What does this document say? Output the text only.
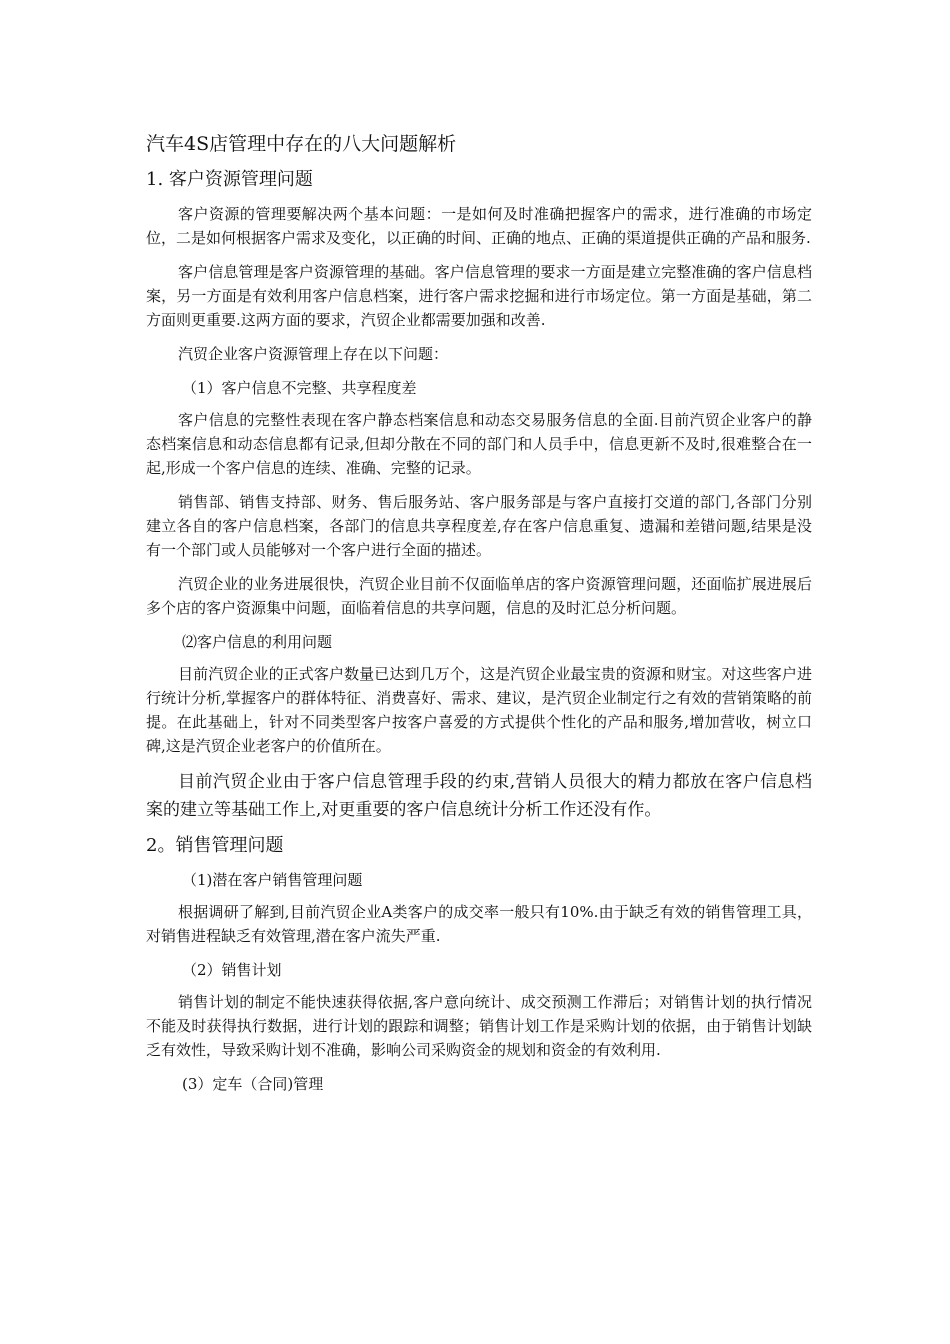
汽车4S店管理中存在的八大问题解析
1. 客户资源管理问题
客户资源的管理要解决两个基本问题：一是如何及时准确把握客户的需求，进行准确的市场定位，二是如何根据客户需求及变化，以正确的时间、正确的地点、正确的渠道提供正确的产品和服务.
客户信息管理是客户资源管理的基础。客户信息管理的要求一方面是建立完整准确的客户信息档案，另一方面是有效利用客户信息档案，进行客户需求挖掘和进行市场定位。第一方面是基础，第二方面则更重要.这两方面的要求，汽贸企业都需要加强和改善.
汽贸企业客户资源管理上存在以下问题：
（1）客户信息不完整、共享程度差
客户信息的完整性表现在客户静态档案信息和动态交易服务信息的全面.目前汽贸企业客户的静态档案信息和动态信息都有记录,但却分散在不同的部门和人员手中，信息更新不及时,很难整合在一起,形成一个客户信息的连续、准确、完整的记录。
销售部、销售支持部、财务、售后服务站、客户服务部是与客户直接打交道的部门,各部门分别建立各自的客户信息档案，各部门的信息共享程度差,存在客户信息重复、遗漏和差错问题,结果是没有一个部门或人员能够对一个客户进行全面的描述。
汽贸企业的业务进展很快，汽贸企业目前不仅面临单店的客户资源管理问题，还面临扩展进展后多个店的客户资源集中问题，面临着信息的共享问题，信息的及时汇总分析问题。
⑵客户信息的利用问题
目前汽贸企业的正式客户数量已达到几万个，这是汽贸企业最宝贵的资源和财宝。对这些客户进行统计分析,掌握客户的群体特征、消费喜好、需求、建议，是汽贸企业制定行之有效的营销策略的前提。在此基础上，针对不同类型客户按客户喜爱的方式提供个性化的产品和服务,增加营收，树立口碑,这是汽贸企业老客户的价值所在。
目前汽贸企业由于客户信息管理手段的约束,营销人员很大的精力都放在客户信息档案的建立等基础工作上,对更重要的客户信息统计分析工作还没有作。
2。销售管理问题
（1)潜在客户销售管理问题
根据调研了解到,目前汽贸企业A类客户的成交率一般只有10%.由于缺乏有效的销售管理工具，对销售进程缺乏有效管理,潜在客户流失严重.
（2）销售计划
销售计划的制定不能快速获得依据,客户意向统计、成交预测工作滞后；对销售计划的执行情况不能及时获得执行数据，进行计划的跟踪和调整；销售计划工作是采购计划的依据，由于销售计划缺乏有效性，导致采购计划不准确，影响公司采购资金的规划和资金的有效利用.
(3）定车（合同)管理
